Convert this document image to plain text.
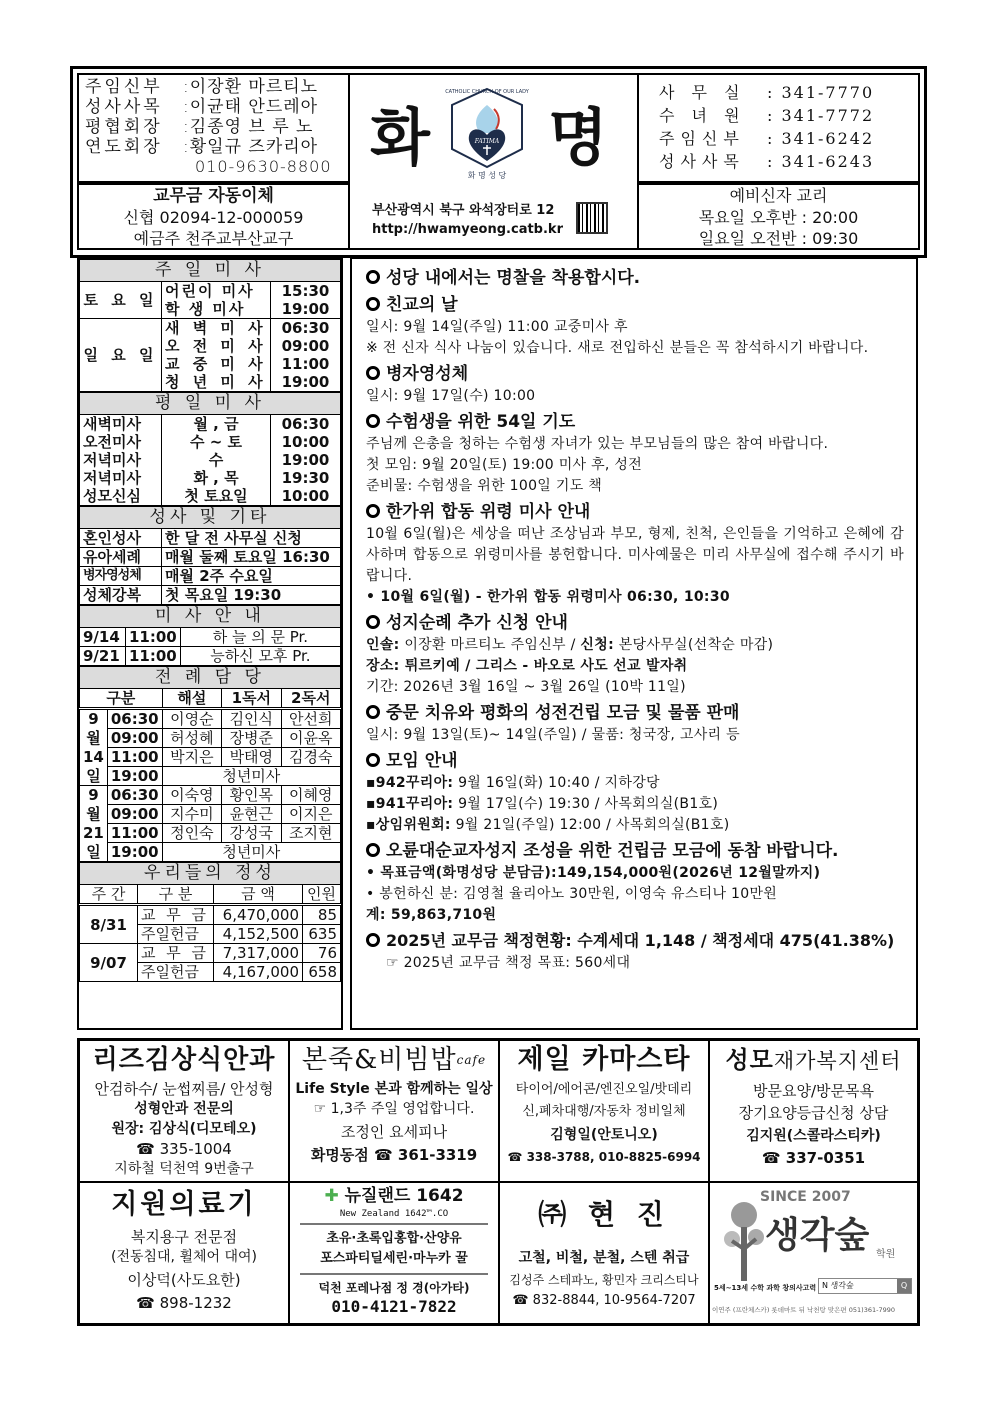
주임신부	: 이장환 마르티노
성사사목	: 이균태 안드레아
평협회장	: 김종영 브 루 노
연도회장	: 황일규 즈카리아
010-9630-8800
교무금 자동이체
신협 02094-12-000059
예금주 천주교부산교구
화	FATIMA
화 명 성 당
CATHOLIC CHURCH OF OUR LADY
명
부산광역시 북구 와석장터로 12
http://hwamyeong.catb.kr
사 무 실	: 341-7770
수 녀 원	: 341-7772
주임신부	: 341-6242
성사사목	: 341-6243
예비신자 교리
목요일 오후반 : 20:00
일요일 오전반 : 09:30
주 일 미 사		
토 요 일	어린이 미사	15:30
	학 생 미사	19:00
일 요 일	새 벽 미 사	06:30
	오 전 미 사	09:00
	교 중 미 사	11:00
	청 년 미 사	19:00
평 일 미 사		
새벽미사	월 , 금	06:30
오전미사	수 ~ 토	10:00
저녁미사	수	19:00
저녁미사	화 , 목	19:30
성모신심	첫 토요일	10:00
성사 및 기타	
혼인성사	한 달 전 사무실 신청
유아세례	매월 둘째 토요일 16:30
병자영성체	매월 2주 수요일
성체강복	첫 목요일 19:30
미 사 안 내		
9/14	11:00	하 늘 의 문 Pr.
9/21	11:00	능하신 모후 Pr.
전 례 담 당				
구분		해설	1독서	2독서
9	06:30	이영순	김인식	안선희
월	09:00	허성혜	장병준	이윤옥
14	11:00	박지은	박태영	김경숙
일	19:00	청년미사		
9	06:30	이숙영	황인목	이혜영
월	09:00	지수미	윤현근	이지은
21	11:00	정인숙	강성국	조지현
일	19:00	청년미사		
우리들의 정성			
주 간	구 분	금 액	인원
8/31	교 무 금	6,470,000	85
	주일헌금	4,152,500	635
9/07	교 무 금	7,317,000	76
	주일헌금	4,167,000	658
성당 내에서는 명찰을 착용합시다.
친교의 날
일시: 9월 14일(주일) 11:00 교중미사 후
※ 전 신자 식사 나눔이 있습니다. 새로 전입하신 분들은 꼭 참석하시기 바랍니다.
병자영성체
일시: 9월 17일(수) 10:00
수험생을 위한 54일 기도
주님께 은총을 청하는 수험생 자녀가 있는 부모님들의 많은 참여 바랍니다.
첫 모임: 9월 20일(토) 19:00 미사 후, 성전
준비물: 수험생을 위한 100일 기도 책
한가위 합동 위령 미사 안내
10월 6일(월)은 세상을 떠난 조상님과 부모, 형제, 친척, 은인들을 기억하고 은혜에 감사하며 합동으로 위령미사를 봉헌합니다. 미사예물은 미리 사무실에 접수해 주시기 바랍니다.
• 10월 6일(월) - 한가위 합동 위령미사 06:30, 10:30
성지순례 추가 신청 안내
인솔: 이장환 마르티노 주임신부 / 신청: 본당사무실(선착순 마감)
장소: 튀르키예 / 그리스 - 바오로 사도 선교 발자취
기간: 2026년 3월 16일 ~ 3월 26일 (10박 11일)
중문 치유와 평화의 성전건립 모금 및 물품 판매
일시: 9월 13일(토)~ 14일(주일) / 물품: 청국장, 고사리 등
모임 안내
▪942꾸리아: 9월 16일(화) 10:40 / 지하강당
▪941꾸리아: 9월 17일(수) 19:30 / 사목회의실(B1호)
▪상임위원회: 9월 21일(주일) 12:00 / 사목회의실(B1호)
오륜대순교자성지 조성을 위한 건립금 모금에 동참 바랍니다.
• 목표금액(화명성당 분담금):149,154,000원(2026년 12월말까지)
• 봉헌하신 분: 김영철 율리아노 30만원, 이영숙 유스티나 10만원
계: 59,863,710원
2025년 교무금 책정현황: 수계세대 1,148 / 책정세대 475(41.38%)
☞ 2025년 교무금 책정 목표: 560세대
리즈김상식안과
안검하수/ 눈썹찌름/ 안성형
성형안과 전문의
원장: 김상식(디모테오)
☎ 335-1004
지하철 덕천역 9번출구
본죽&비빔밥$^{cafe}$
Life Style 본과 함께하는 일상
☞ 1,3주 주일 영업합니다.
조정인 요세피나
화명동점 ☎ 361-3319
제일 카마스타
타이어/에어콘/엔진오일/밧데리
신,폐차대행/자동차 정비일체
김형일(안토니오)
☎ 338-3788, 010-8825-6994
성모재가복지센터
방문요양/방문목욕
장기요양등급신청 상담
김지원(스콜라스티카)
☎ 337-0351
지원의료기
복지용구 전문점
(전동침대, 휠체어 대여)
이상덕(사도요한)
☎ 898-1232
✚ 뉴질랜드 1642
New Zealand 1642™.CO
초유·초록입홍합·산양유
포스파티딜세린·마누카 꿀
덕천 포레나점 정 경(아가타)
010-4121-7822
㈜ 현 진
고철, 비철, 분철, 스텐 취급
김성주 스테파노, 황민자 크리스티나
☎ 832-8844, 10-9564-7207
SINCE 2007
생각숲 학원
5세~13세 수학 과학 창의사고력 N 생각숲	Q
이연주 (프란체스카) 롯데마트 뒤 낙천탕 맞은편 051)361-7990
